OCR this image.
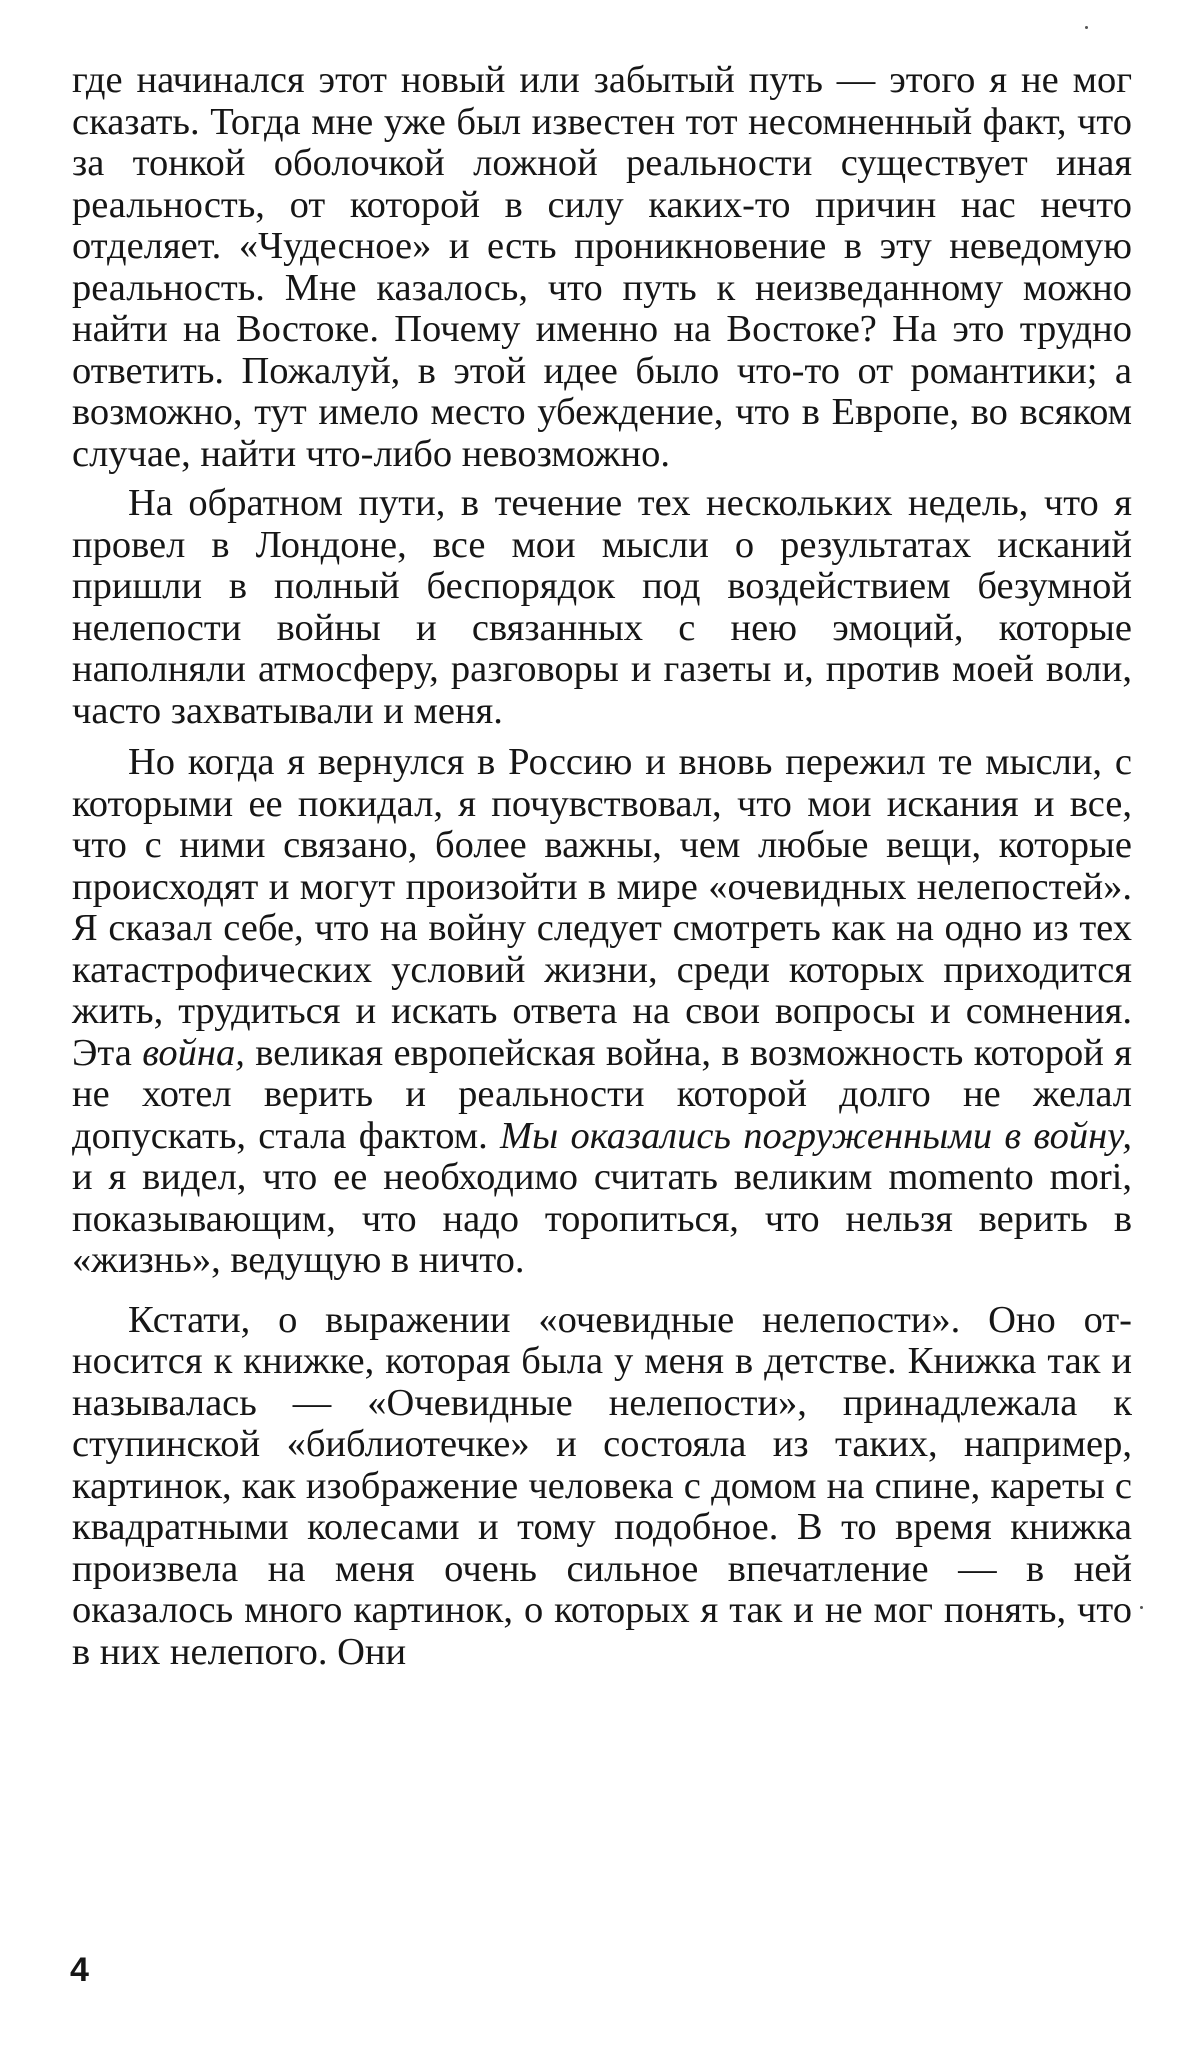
где начинался этот новый или забытый путь — этого я не мог сказать. Тогда мне уже был известен тот несомненный факт, что за тонкой оболочкой ложной реальности существует иная реальность, от которой в силу каких-то причин нас нечто отделяет. «Чудесное» и есть проникновение в эту неведомую реальность. Мне казалось, что путь к неизведанному можно найти на Востоке. Почему именно на Востоке? На это трудно ответить. Пожалуй, в этой идее было что-то от романтики; а возможно, тут имело место убеждение, что в Европе, во всяком случае, найти что-либо невозможно.

На обратном пути, в течение тех нескольких недель, что я провел в Лондоне, все мои мысли о результатах исканий пришли в полный беспорядок под воздействием безумной нелепости войны и связанных с нею эмоций, которые наполняли атмосферу, разговоры и газеты и, против моей воли, часто захватывали и меня.

Но когда я вернулся в Россию и вновь пережил те мысли, с которыми ее покидал, я почувствовал, что мои искания и все, что с ними связано, более важны, чем любые вещи, которые происходят и могут произойти в мире «очевидных нелепостей». Я сказал себе, что на войну следует смотреть как на одно из тех катастрофических условий жизни, среди которых приходится жить, трудиться и искать ответа на свои вопросы и сомнения. Эта война, великая европейская война, в возможность которой я не хотел верить и реальности которой долго не желал допускать, стала фактом. Мы оказались погруженными в войну, и я видел, что ее необходимо считать великим momento mori, показывающим, что надо торопиться, что нельзя верить в «жизнь», ведущую в ничто.

Кстати, о выражении «очевидные нелепости». Оно относится к книжке, которая была у меня в детстве. Книжка так и называлась — «Очевидные нелепости», принадлежала к ступинской «библиотечке» и состояла из таких, например, картинок, как изображение человека с домом на спине, кареты с квадратными колесами и тому подобное. В то время книжка произвела на меня очень сильное впечатление — в ней оказалось много картинок, о которых я так и не мог понять, что в них нелепого. Они

4
